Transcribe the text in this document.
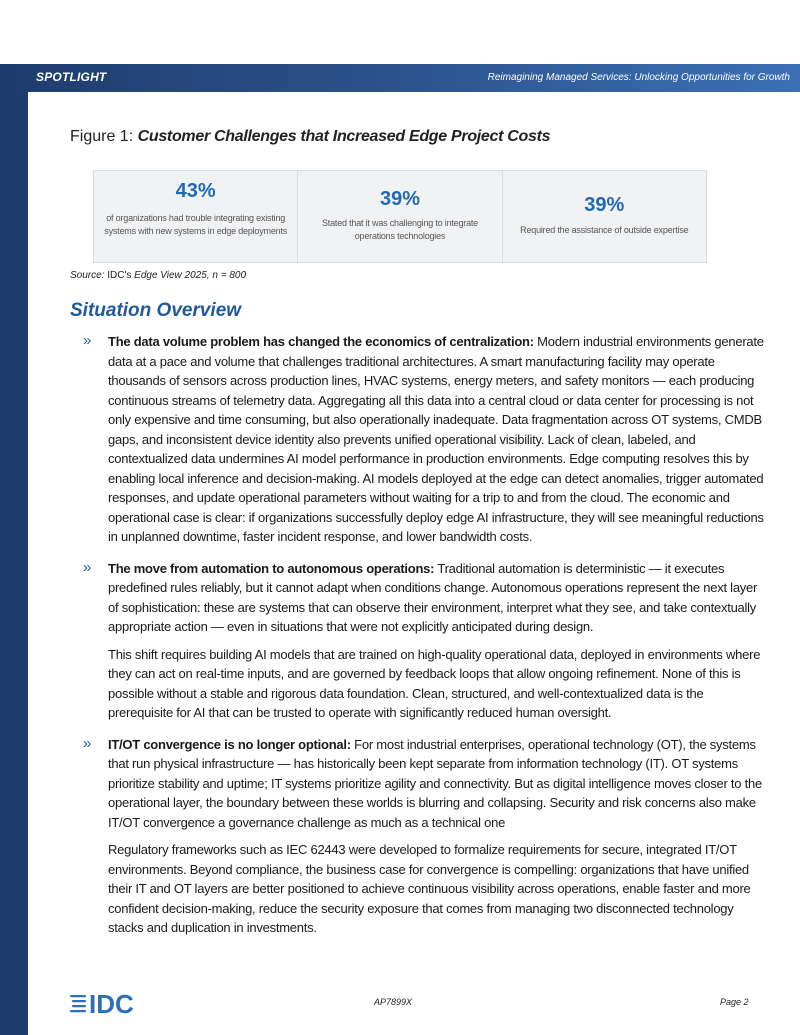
SPOTLIGHT	Reimagining Managed Services: Unlocking Opportunities for Growth
Figure 1: Customer Challenges that Increased Edge Project Costs
43%
of organizations had trouble integrating existing systems with new systems in edge deployments
39%
Stated that it was challenging to integrate operations technologies
39%
Required the assistance of outside expertise
Source: IDC's Edge View 2025, n = 800
Situation Overview
» The data volume problem has changed the economics of centralization: Modern industrial environments generate data at a pace and volume that challenges traditional architectures. A smart manufacturing facility may operate thousands of sensors across production lines, HVAC systems, energy meters, and safety monitors — each producing continuous streams of telemetry data. Aggregating all this data into a central cloud or data center for processing is not only expensive and time consuming, but also operationally inadequate. Data fragmentation across OT systems, CMDB gaps, and inconsistent device identity also prevents unified operational visibility. Lack of clean, labeled, and contextualized data undermines AI model performance in production environments. Edge computing resolves this by enabling local inference and decision-making. AI models deployed at the edge can detect anomalies, trigger automated responses, and update operational parameters without waiting for a trip to and from the cloud. The economic and operational case is clear: if organizations successfully deploy edge AI infrastructure, they will see meaningful reductions in unplanned downtime, faster incident response, and lower bandwidth costs.

» The move from automation to autonomous operations: Traditional automation is deterministic — it executes predefined rules reliably, but it cannot adapt when conditions change. Autonomous operations represent the next layer of sophistication: these are systems that can observe their environment, interpret what they see, and take contextually appropriate action — even in situations that were not explicitly anticipated during design.

This shift requires building AI models that are trained on high-quality operational data, deployed in environments where they can act on real-time inputs, and are governed by feedback loops that allow ongoing refinement. None of this is possible without a stable and rigorous data foundation. Clean, structured, and well-contextualized data is the prerequisite for AI that can be trusted to operate with significantly reduced human oversight.

» IT/OT convergence is no longer optional: For most industrial enterprises, operational technology (OT), the systems that run physical infrastructure — has historically been kept separate from information technology (IT). OT systems prioritize stability and uptime; IT systems prioritize agility and connectivity. But as digital intelligence moves closer to the operational layer, the boundary between these worlds is blurring and collapsing. Security and risk concerns also make IT/OT convergence a governance challenge as much as a technical one

Regulatory frameworks such as IEC 62443 were developed to formalize requirements for secure, integrated IT/OT environments. Beyond compliance, the business case for convergence is compelling: organizations that have unified their IT and OT layers are better positioned to achieve continuous visibility across operations, enable faster and more confident decision-making, reduce the security exposure that comes from managing two disconnected technology stacks and duplication in investments.

IDC	AP7899X	Page 2
